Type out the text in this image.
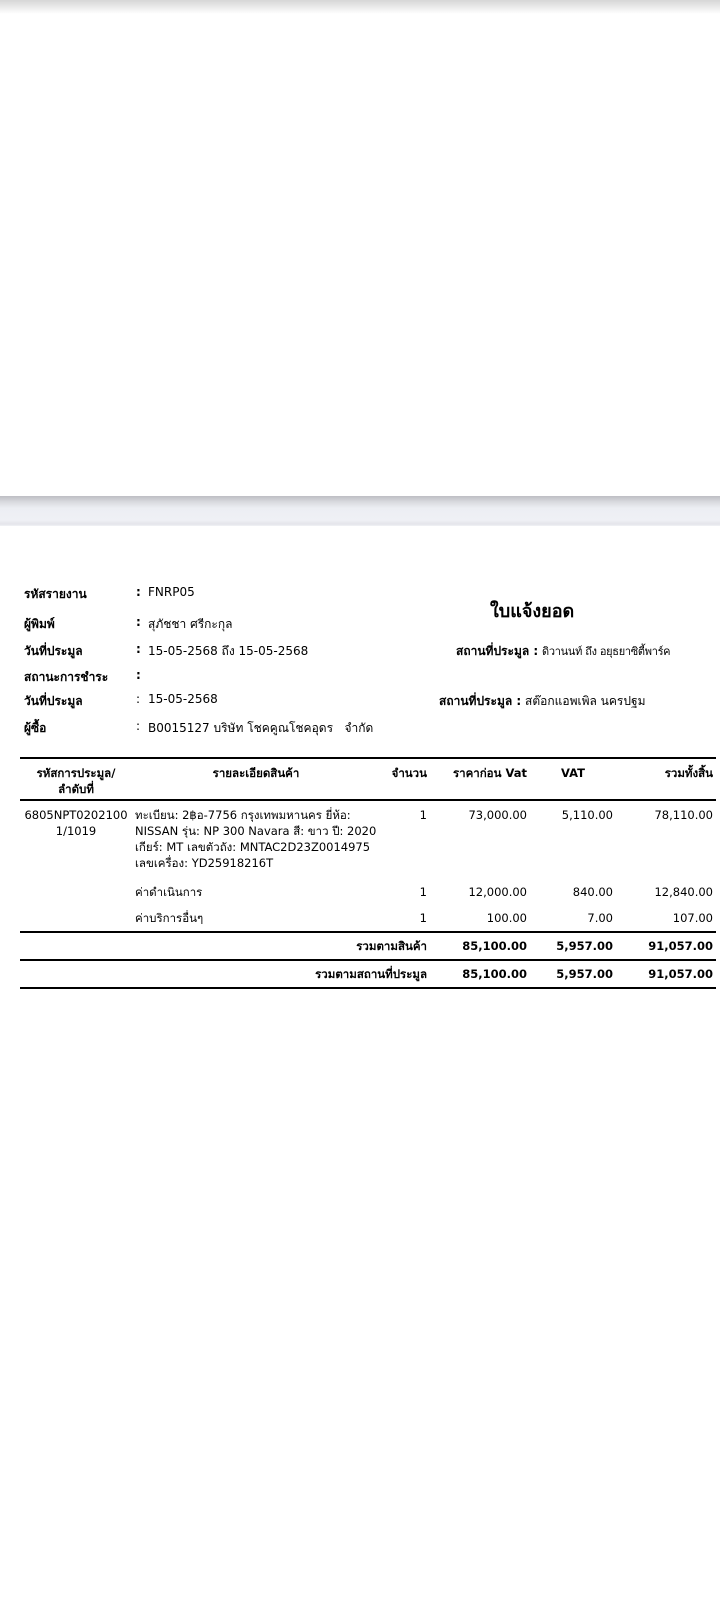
รหัสรายงาน	: FNRP05
ใบแจ้งยอด
ผู้พิมพ์	: สุภัชชา ศรีกะกุล
วันที่ประมูล	: 15-05-2568 ถึง 15-05-2568	สถานที่ประมูล : ดิวานนท์ ถึง อยุธยาซิตี้พาร์ค
สถานะการชำระ :
วันที่ประมูล	: 15-05-2568	สถานที่ประมูล : สต๊อกแอพเพิล นครปฐม
ผู้ซื้อ	: B0015127 บริษัท โชคคูณโชคอุดร   จำกัด
รหัสการประมูล/ ลำดับที่	รายละเอียดสินค้า	จำนวน	ราคาก่อน Vat	VAT	รวมทั้งสิ้น
6805NPT0202100 1/1019	ทะเบียน: 2฿อ-7756 กรุงเทพมหานคร ยี่ห้อ: NISSAN รุ่น: NP 300 Navara สี: ขาว ปี: 2020 เกียร์: MT เลขตัวถัง: MNTAC2D23Z0014975 เลขเครื่อง: YD25918216T	1	73,000.00	5,110.00	78,110.00
	ค่าดำเนินการ	1	12,000.00	840.00	12,840.00
	ค่าบริการอื่นๆ	1	100.00	7.00	107.00
รวมตามสินค้า			85,100.00	5,957.00	91,057.00
รวมตามสถานที่ประมูล			85,100.00	5,957.00	91,057.00
